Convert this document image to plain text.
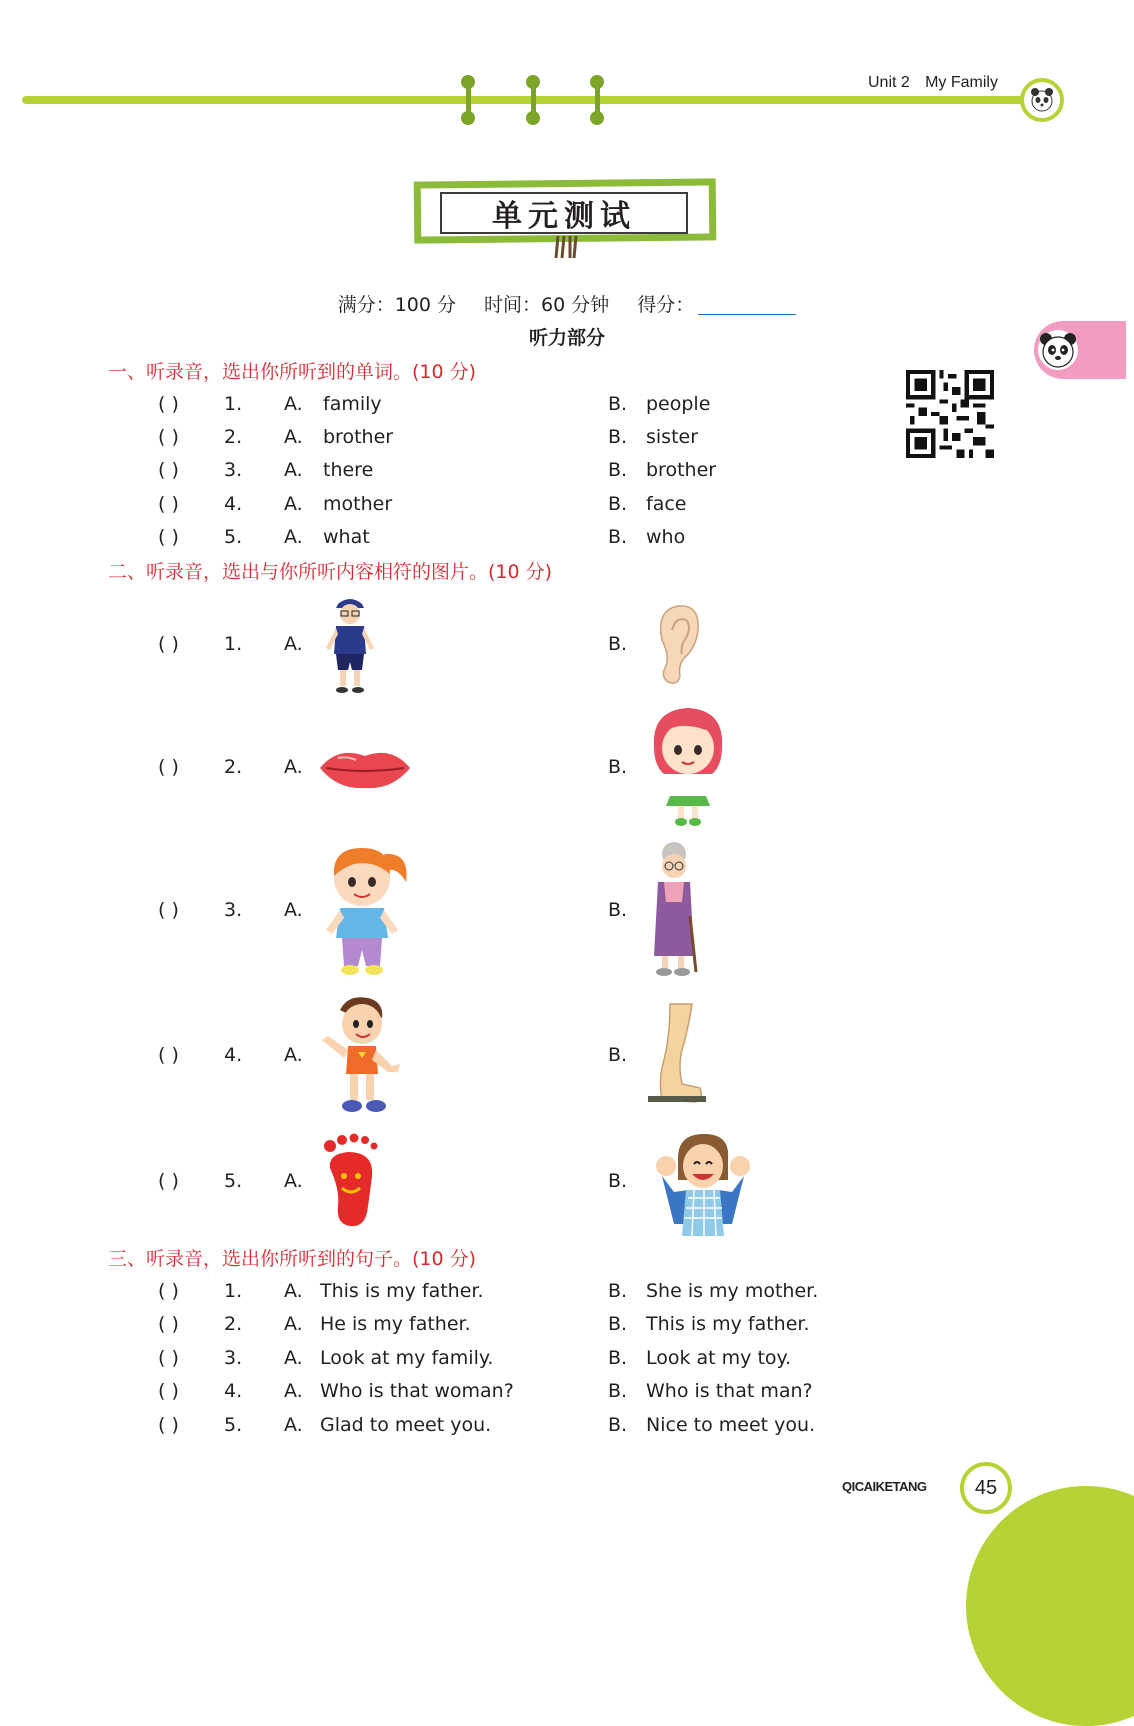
Unit 2 My Family
单元测试
满分：100 分 时间：60 分钟 得分：
听力部分
一、听录音，选出你所听到的单词。(10 分)
( ) 1. A. family	B. people
( ) 2. A. brother	B. sister
( ) 3. A. there	B. brother
( ) 4. A. mother	B. face
( ) 5. A. what	B. who
二、听录音，选出与你所听内容相符的图片。(10 分)
( ) 1. A.	B.
( ) 2. A.	B.
( ) 3. A.	B.
( ) 4. A.	B.
( ) 5. A.	B.
三、听录音，选出你所听到的句子。(10 分)
( ) 1. A. This is my father.	B. She is my mother.
( ) 2. A. He is my father.	B. This is my father.
( ) 3. A. Look at my family.	B. Look at my toy.
( ) 4. A. Who is that woman?	B. Who is that man?
( ) 5. A. Glad to meet you.	B. Nice to meet you.
QICAIKETANG 45
